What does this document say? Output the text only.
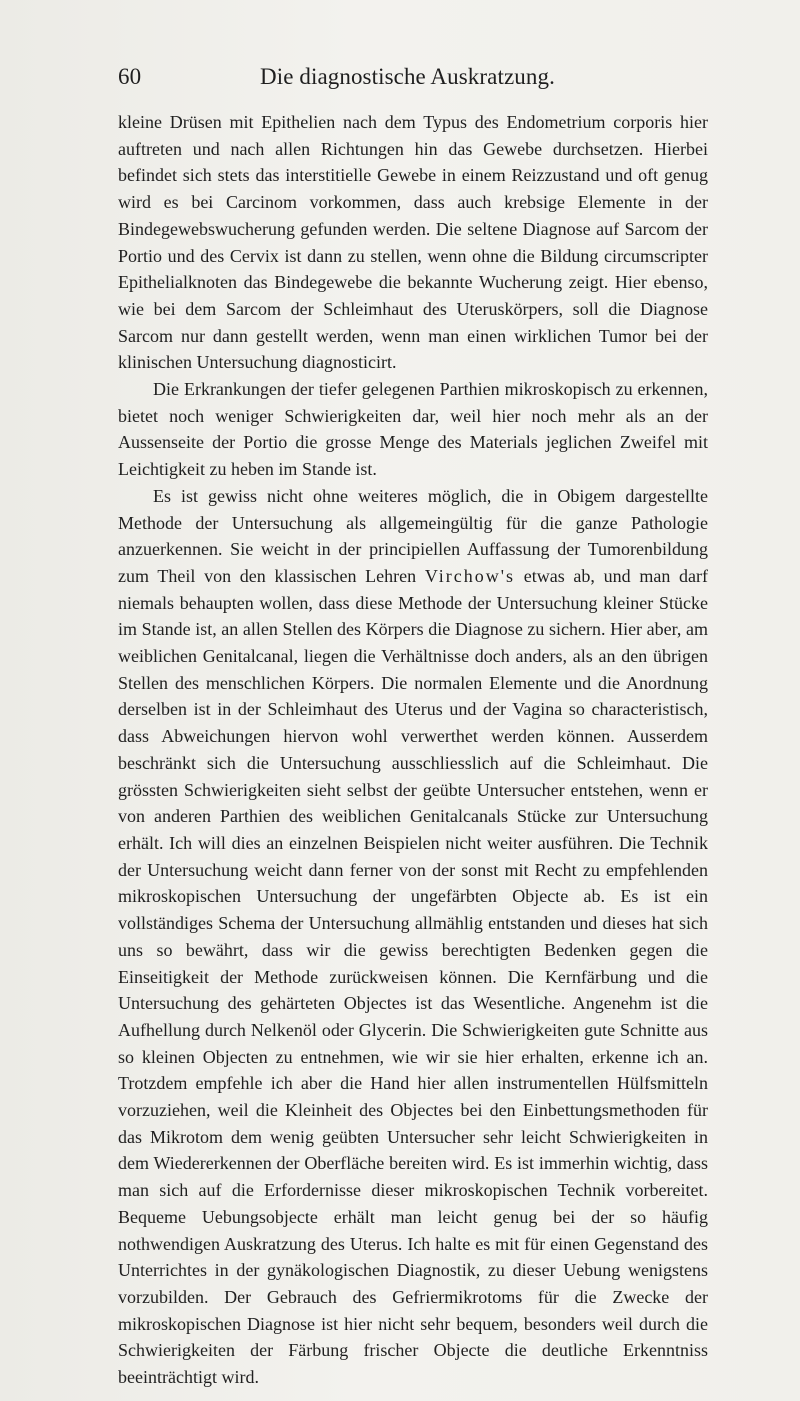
60	Die diagnostische Auskratzung.

kleine Drüsen mit Epithelien nach dem Typus des Endometrium corporis hier auftreten und nach allen Richtungen hin das Gewebe durchsetzen. Hierbei befindet sich stets das interstitielle Gewebe in einem Reizzustand und oft genug wird es bei Carcinom vorkommen, dass auch krebsige Elemente in der Bindegewebswucherung gefunden werden. Die seltene Diagnose auf Sarcom der Portio und des Cervix ist dann zu stellen, wenn ohne die Bildung circumscripter Epithelialknoten das Bindegewebe die bekannte Wucherung zeigt. Hier ebenso, wie bei dem Sarcom der Schleimhaut des Uteruskörpers, soll die Diagnose Sarcom nur dann gestellt werden, wenn man einen wirklichen Tumor bei der klinischen Untersuchung diagnosticirt.

Die Erkrankungen der tiefer gelegenen Parthien mikroskopisch zu erkennen, bietet noch weniger Schwierigkeiten dar, weil hier noch mehr als an der Aussenseite der Portio die grosse Menge des Materials jeglichen Zweifel mit Leichtigkeit zu heben im Stande ist.

Es ist gewiss nicht ohne weiteres möglich, die in Obigem dargestellte Methode der Untersuchung als allgemeingültig für die ganze Pathologie anzuerkennen. Sie weicht in der principiellen Auffassung der Tumorenbildung zum Theil von den klassischen Lehren Virchow's etwas ab, und man darf niemals behaupten wollen, dass diese Methode der Untersuchung kleiner Stücke im Stande ist, an allen Stellen des Körpers die Diagnose zu sichern. Hier aber, am weiblichen Genitalcanal, liegen die Verhältnisse doch anders, als an den übrigen Stellen des menschlichen Körpers. Die normalen Elemente und die Anordnung derselben ist in der Schleimhaut des Uterus und der Vagina so characteristisch, dass Abweichungen hiervon wohl verwerthet werden können. Ausserdem beschränkt sich die Untersuchung ausschliesslich auf die Schleimhaut. Die grössten Schwierigkeiten sieht selbst der geübte Untersucher entstehen, wenn er von anderen Parthien des weiblichen Genitalcanals Stücke zur Untersuchung erhält. Ich will dies an einzelnen Beispielen nicht weiter ausführen. Die Technik der Untersuchung weicht dann ferner von der sonst mit Recht zu empfehlenden mikroskopischen Untersuchung der ungefärbten Objecte ab. Es ist ein vollständiges Schema der Untersuchung allmählig entstanden und dieses hat sich uns so bewährt, dass wir die gewiss berechtigten Bedenken gegen die Einseitigkeit der Methode zurückweisen können. Die Kernfärbung und die Untersuchung des gehärteten Objectes ist das Wesentliche. Angenehm ist die Aufhellung durch Nelkenöl oder Glycerin. Die Schwierigkeiten gute Schnitte aus so kleinen Objecten zu entnehmen, wie wir sie hier erhalten, erkenne ich an. Trotzdem empfehle ich aber die Hand hier allen instrumentellen Hülfsmitteln vorzuziehen, weil die Kleinheit des Objectes bei den Einbettungsmethoden für das Mikrotom dem wenig geübten Untersucher sehr leicht Schwierigkeiten in dem Wiedererkennen der Oberfläche bereiten wird. Es ist immerhin wichtig, dass man sich auf die Erfordernisse dieser mikroskopischen Technik vorbereitet. Bequeme Uebungsobjecte erhält man leicht genug bei der so häufig nothwendigen Auskratzung des Uterus. Ich halte es mit für einen Gegenstand des Unterrichtes in der gynäkologischen Diagnostik, zu dieser Uebung wenigstens vorzubilden. Der Gebrauch des Gefriermikrotoms für die Zwecke der mikroskopischen Diagnose ist hier nicht sehr bequem, besonders weil durch die Schwierigkeiten der Färbung frischer Objecte die deutliche Erkenntniss beeinträchtigt wird.
